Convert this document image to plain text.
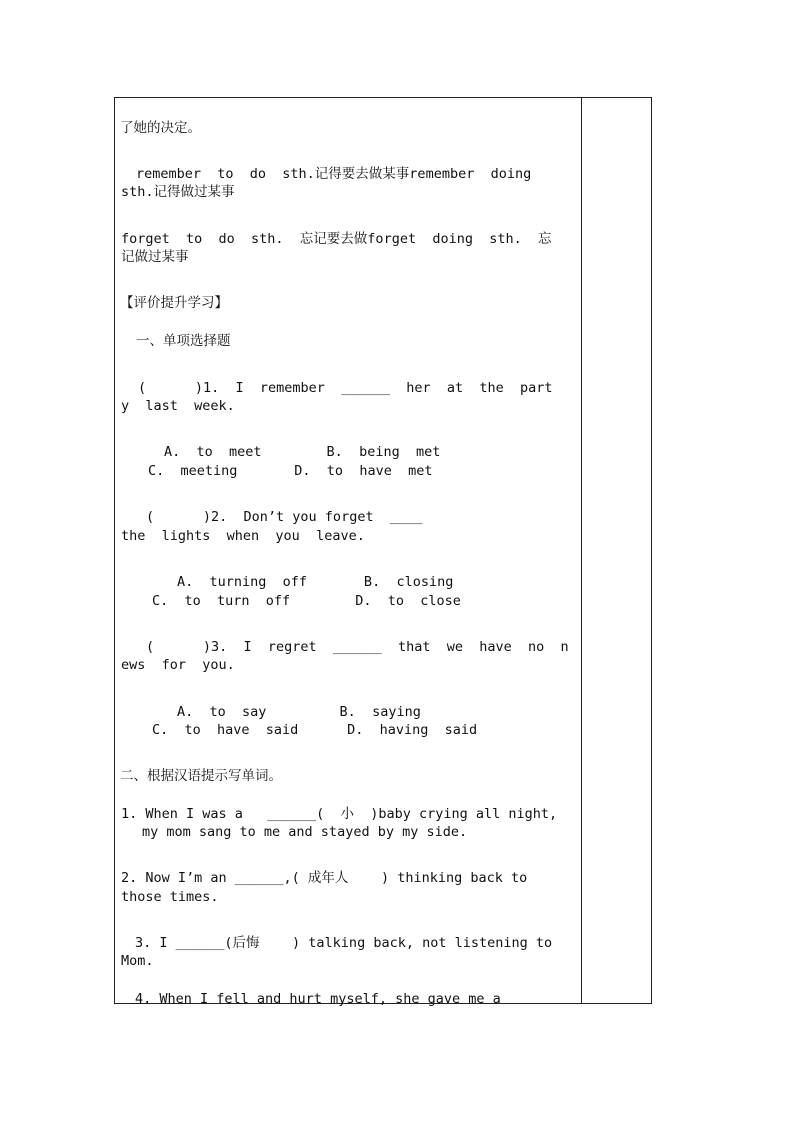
了她的决定。
remember  to  do  sth.记得要去做某事remember  doing
sth.记得做过某事
forget  to  do  sth.  忘记要去做forget  doing  sth.  忘
记做过某事
【评价提升学习】
一、单项选择题
(      )1.  I  remember  ______  her  at  the  part
y  last  week.
A.  to  meet        B.  being  met
C.  meeting       D.  to  have  met
(      )2.  Don’t you forget  ____
the  lights  when  you  leave.
A.  turning  off       B.  closing
C.  to  turn  off        D.  to  close
(      )3.  I  regret  ______  that  we  have  no  n
ews  for  you.
A.  to  say         B.  saying
C.  to  have  said      D.  having  said
二、根据汉语提示写单词。
1. When I was a   ______(  小  )baby crying all night,
my mom sang to me and stayed by my side.
2. Now I’m an ______,( 成年人    ) thinking back to
those times.
3. I ______(后悔    ) talking back, not listening to
Mom.
4. When I fell and hurt myself, she gave me a
